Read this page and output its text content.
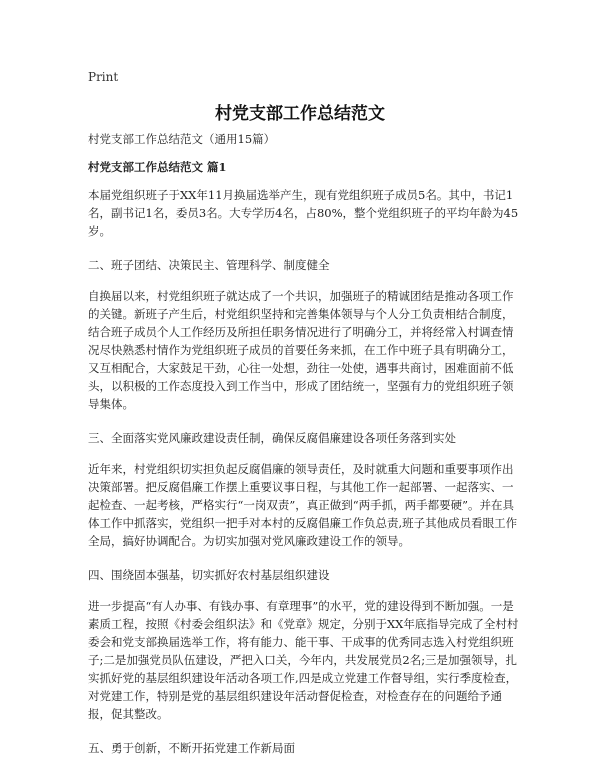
Print
村党支部工作总结范文

村党支部工作总结范文（通用15篇）

村党支部工作总结范文 篇1

本届党组织班子于XX年11月换届选举产生，现有党组织班子成员5名。其中，书记1名，副书记1名，委员3名。大专学历4名，占80%，整个党组织班子的平均年龄为45岁。

二、班子团结、决策民主、管理科学、制度健全

自换届以来，村党组织班子就达成了一个共识，加强班子的精诚团结是推动各项工作的关键。新班子产生后，村党组织坚持和完善集体领导与个人分工负责相结合制度，结合班子成员个人工作经历及所担任职务情况进行了明确分工，并将经常入村调查情况尽快熟悉村情作为党组织班子成员的首要任务来抓，在工作中班子具有明确分工，又互相配合，大家鼓足干劲，心往一处想，劲往一处使，遇事共商讨，困难面前不低头，以积极的工作态度投入到工作当中，形成了团结统一，坚强有力的党组织班子领导集体。

三、全面落实党风廉政建设责任制，确保反腐倡廉建设各项任务落到实处

近年来，村党组织切实担负起反腐倡廉的领导责任，及时就重大问题和重要事项作出决策部署。把反腐倡廉工作摆上重要议事日程，与其他工作一起部署、一起落实、一起检查、一起考核，严格实行“一岗双责”，真正做到“两手抓，两手都要硬”。并在具体工作中抓落实，党组织一把手对本村的反腐倡廉工作负总责,班子其他成员看眼工作全局，搞好协调配合。为切实加强对党风廉政建设工作的领导。

四、围绕固本强基，切实抓好农村基层组织建设

进一步提高“有人办事、有钱办事、有章理事”的水平，党的建设得到不断加强。一是素质工程，按照《村委会组织法》和《党章》规定，分别于XX年底指导完成了全村村委会和党支部换届选举工作，将有能力、能干事、干成事的优秀同志选入村党组织班子;二是加强党员队伍建设，严把入口关，今年内，共发展党员2名;三是加强领导，扎实抓好党的基层组织建设年活动各项工作,四是成立党建工作督导组，实行季度检查，对党建工作，特别是党的基层组织建设年活动督促检查，对检查存在的问题给予通报，促其整改。

五、勇于创新，不断开拓党建工作新局面
